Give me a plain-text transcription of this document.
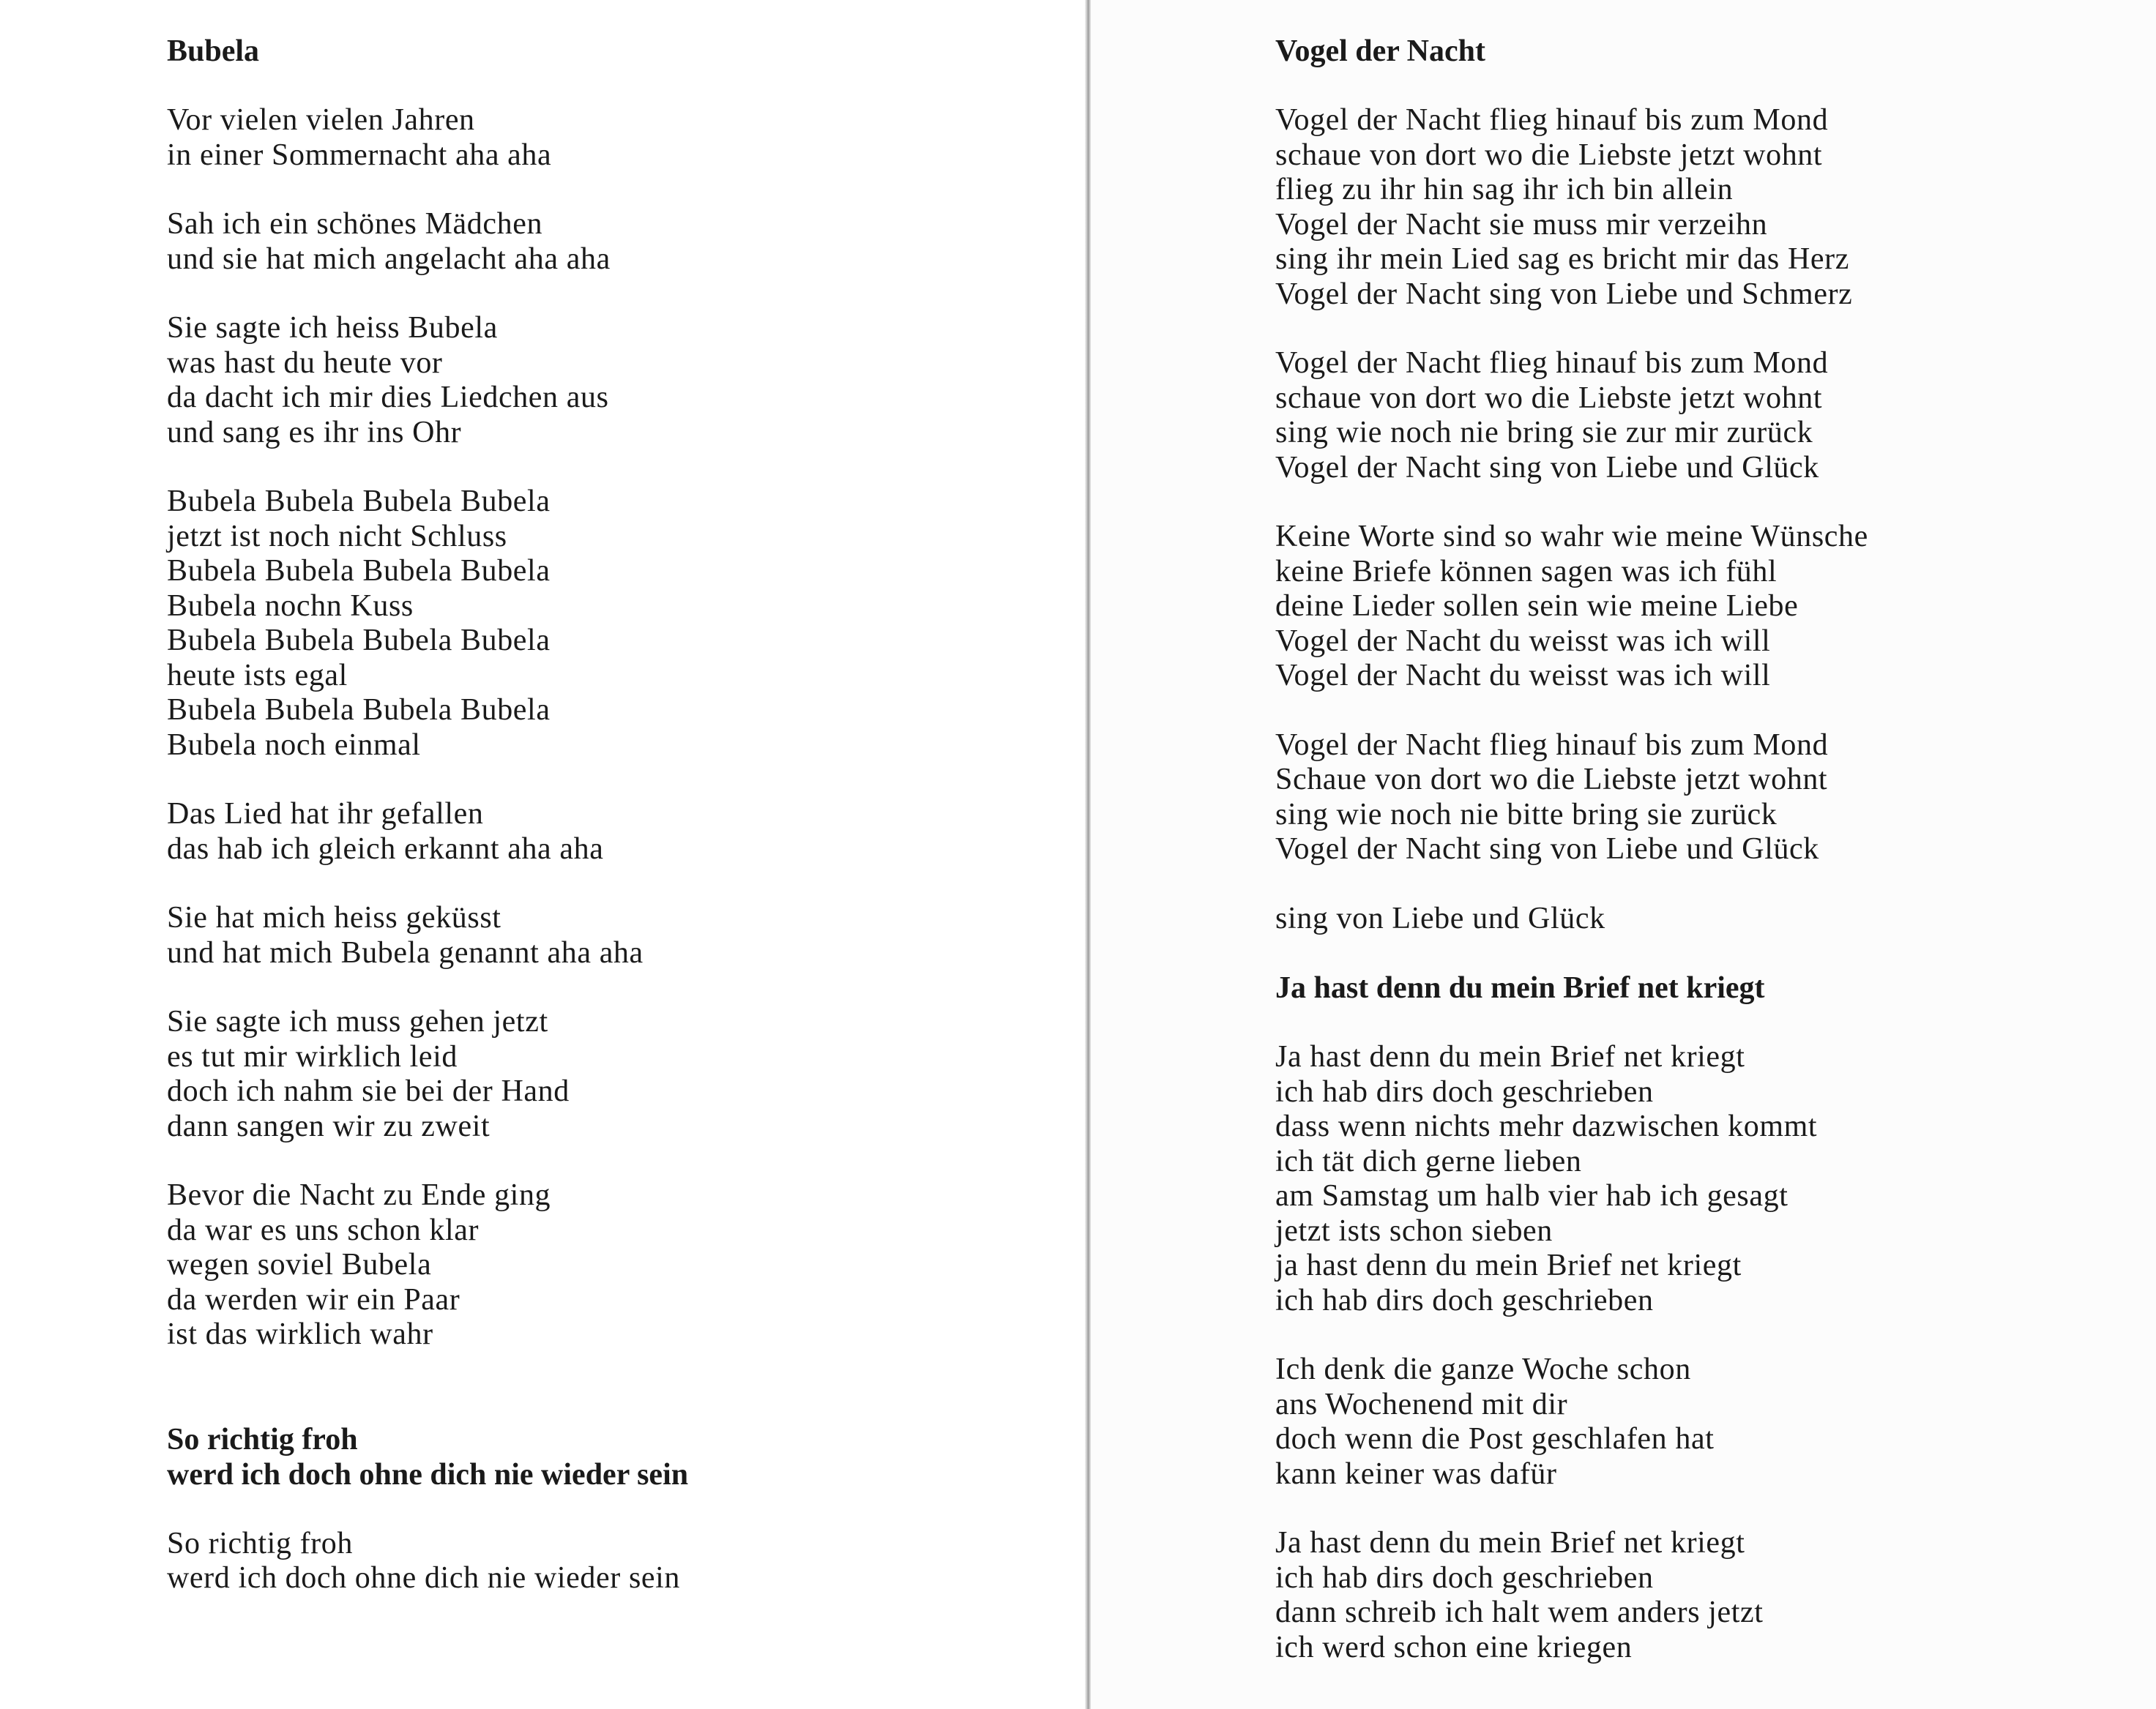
Bubela
Vor vielen vielen Jahren
in einer Sommernacht aha aha
Sah ich ein schönes Mädchen
und sie hat mich angelacht aha aha
Sie sagte ich heiss Bubela
was hast du heute vor
da dacht ich mir dies Liedchen aus
und sang es ihr ins Ohr
Bubela Bubela Bubela Bubela
jetzt ist noch nicht Schluss
Bubela Bubela Bubela Bubela
Bubela nochn Kuss
Bubela Bubela Bubela Bubela
heute ists egal
Bubela Bubela Bubela Bubela
Bubela noch einmal
Das Lied hat ihr gefallen
das hab ich gleich erkannt aha aha
Sie hat mich heiss geküsst
und hat mich Bubela genannt aha aha
Sie sagte ich muss gehen jetzt
es tut mir wirklich leid
doch ich nahm sie bei der Hand
dann sangen wir zu zweit
Bevor die Nacht zu Ende ging
da war es uns schon klar
wegen soviel Bubela
da werden wir ein Paar
ist das wirklich wahr
So richtig froh
werd ich doch ohne dich nie wieder sein
So richtig froh
werd ich doch ohne dich nie wieder sein
Vogel der Nacht
Vogel der Nacht flieg hinauf bis zum Mond
schaue von dort wo die Liebste jetzt wohnt
flieg zu ihr hin sag ihr ich bin allein
Vogel der Nacht sie muss mir verzeihn
sing ihr mein Lied sag es bricht mir das Herz
Vogel der Nacht sing von Liebe und Schmerz
Vogel der Nacht flieg hinauf bis zum Mond
schaue von dort wo die Liebste jetzt wohnt
sing wie noch nie bring sie zur mir zurück
Vogel der Nacht sing von Liebe und Glück
Keine Worte sind so wahr wie meine Wünsche
keine Briefe können sagen was ich fühl
deine Lieder sollen sein wie meine Liebe
Vogel der Nacht du weisst was ich will
Vogel der Nacht du weisst was ich will
Vogel der Nacht flieg hinauf bis zum Mond
Schaue von dort wo die Liebste jetzt wohnt
sing wie noch nie bitte bring sie zurück
Vogel der Nacht sing von Liebe und Glück
sing von Liebe und Glück
Ja hast denn du mein Brief net kriegt
Ja hast denn du mein Brief net kriegt
ich hab dirs doch geschrieben
dass wenn nichts mehr dazwischen kommt
ich tät dich gerne lieben
am Samstag um halb vier hab ich gesagt
jetzt ists schon sieben
ja hast denn du mein Brief net kriegt
ich hab dirs doch geschrieben
Ich denk die ganze Woche schon
ans Wochenend mit dir
doch wenn die Post geschlafen hat
kann keiner was dafür
Ja hast denn du mein Brief net kriegt
ich hab dirs doch geschrieben
dann schreib ich halt wem anders jetzt
ich werd schon eine kriegen
